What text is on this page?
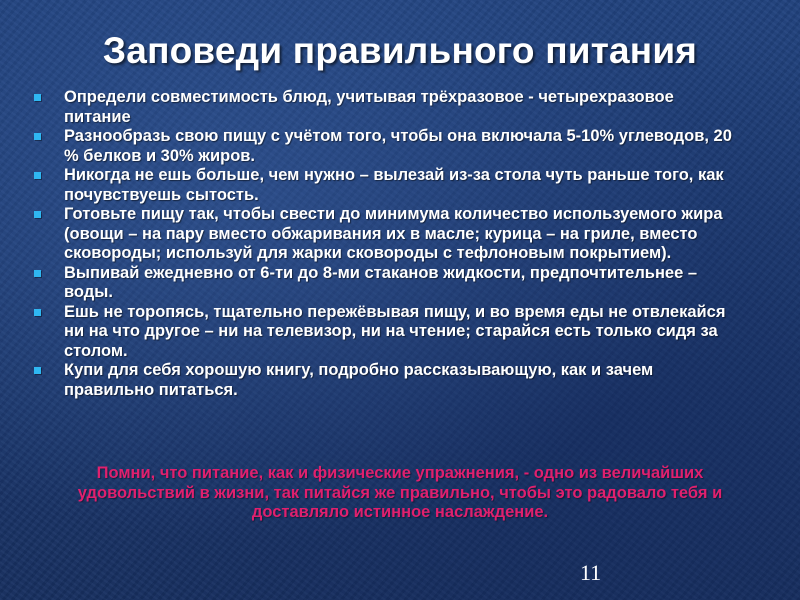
Заповеди правильного питания
Определи совместимость блюд, учитывая трёхразовое - четырехразовое питание
Разнообразь свою пищу с учётом того, чтобы она включала 5-10% углеводов, 20 % белков и 30% жиров.
Никогда не ешь больше, чем нужно – вылезай из-за стола чуть раньше того, как почувствуешь сытость.
Готовьте пищу так, чтобы свести до минимума количество используемого жира (овощи – на пару вместо обжаривания их в масле; курица – на гриле, вместо сковороды; используй для жарки сковороды с тефлоновым покрытием).
Выпивай ежедневно от 6-ти до 8-ми стаканов жидкости, предпочтительнее – воды.
Ешь не торопясь, тщательно пережёвывая пищу, и во время еды не отвлекайся ни на что другое – ни на телевизор, ни на чтение; старайся есть только сидя за столом.
Купи для себя хорошую книгу, подробно рассказывающую, как и зачем правильно питаться.
Помни, что питание, как и физические упражнения, - одно из величайших удовольствий в жизни, так питайся же правильно, чтобы это радовало тебя и доставляло истинное наслаждение.
11
